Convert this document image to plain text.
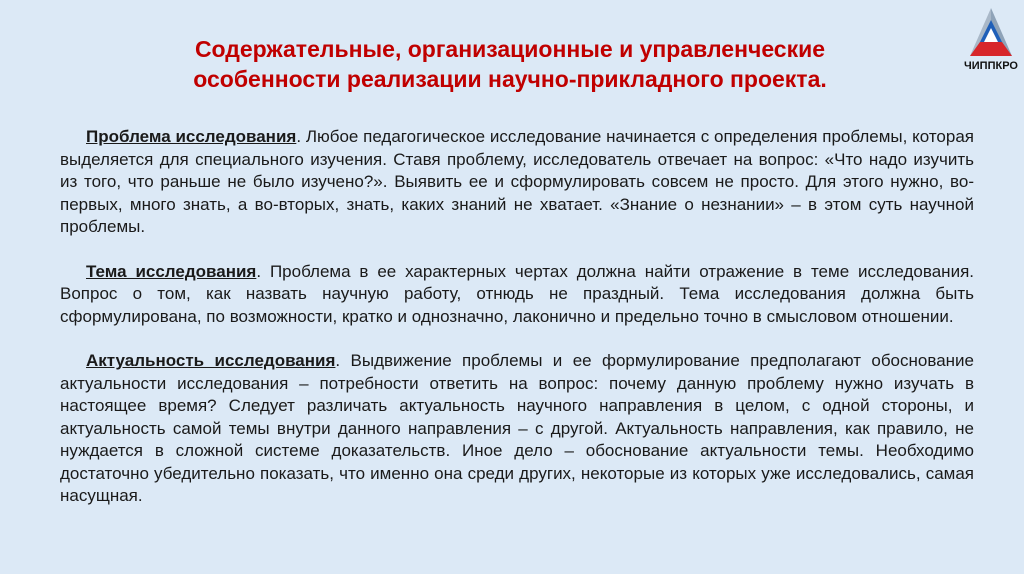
Содержательные, организационные и управленческие
особенности реализации научно-прикладного проекта.	ЧИППКРО

Проблема исследования. Любое педагогическое исследование начинается с определения проблемы, которая выделяется для специального изучения. Ставя проблему, исследователь отвечает на вопрос: «Что надо изучить из того, что раньше не было изучено?». Выявить ее и сформулировать совсем не просто. Для этого нужно, во-первых, много знать, а во-вторых, знать, каких знаний не хватает. «Знание о незнании» – в этом суть научной проблемы.

Тема исследования. Проблема в ее характерных чертах должна найти отражение в теме исследования. Вопрос о том, как назвать научную работу, отнюдь не праздный. Тема исследования должна быть сформулирована, по возможности, кратко и однозначно, лаконично и предельно точно в смысловом отношении.

Актуальность исследования. Выдвижение проблемы и ее формулирование предполагают обоснование актуальности исследования – потребности ответить на вопрос: почему данную проблему нужно изучать в настоящее время? Следует различать актуальность научного направления в целом, с одной стороны, и актуальность самой темы внутри данного направления – с другой. Актуальность направления, как правило, не нуждается в сложной системе доказательств. Иное дело – обоснование актуальности темы. Необходимо достаточно убедительно показать, что именно она среди других, некоторые из которых уже исследовались, самая насущная.
